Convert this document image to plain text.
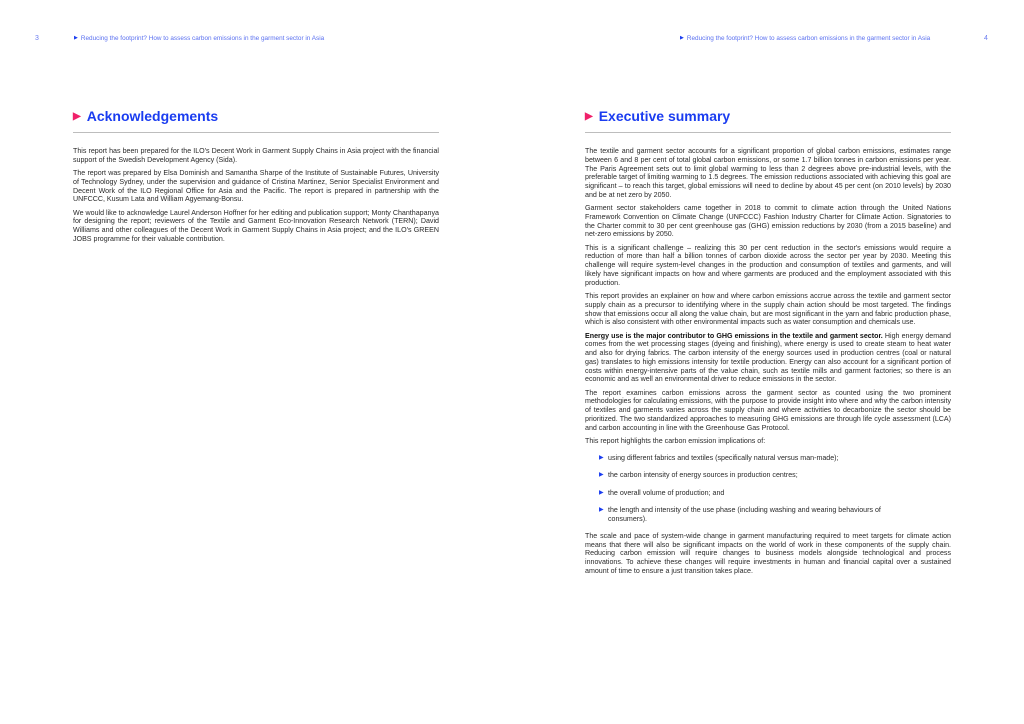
3	▶ Reducing the footprint? How to assess carbon emissions in the garment sector in Asia	4
▶ Reducing the footprint? How to assess carbon emissions in the garment sector in Asia
▶ Acknowledgements

This report has been prepared for the ILO's Decent Work in Garment Supply Chains in Asia project with the financial support of the Swedish Development Agency (Sida).

The report was prepared by Elsa Dominish and Samantha Sharpe of the Institute of Sustainable Futures, University of Technology Sydney, under the supervision and guidance of Cristina Martinez, Senior Specialist Environment and Decent Work of the ILO Regional Office for Asia and the Pacific. The report is prepared in partnership with the UNFCCC, Kusum Lata and William Agyemang-Bonsu.

We would like to acknowledge Laurel Anderson Hoffner for her editing and publication support; Monty Chanthapanya for designing the report; reviewers of the Textile and Garment Eco-Innovation Research Network (TERN); David Williams and other colleagues of the Decent Work in Garment Supply Chains in Asia project; and the ILO's GREEN JOBS programme for their valuable contribution.

▶ Executive summary

The textile and garment sector accounts for a significant proportion of global carbon emissions, estimates range between 6 and 8 per cent of total global carbon emissions, or some 1.7 billion tonnes in carbon emissions per year. The Paris Agreement sets out to limit global warming to less than 2 degrees above pre-industrial levels, with the preferable target of limiting warming to 1.5 degrees. The emission reductions associated with achieving this goal are significant – to reach this target, global emissions will need to decline by about 45 per cent (on 2010 levels) by 2030 and be at net zero by 2050.

Garment sector stakeholders came together in 2018 to commit to climate action through the United Nations Framework Convention on Climate Change (UNFCCC) Fashion Industry Charter for Climate Action. Signatories to the Charter commit to 30 per cent greenhouse gas (GHG) emission reductions by 2030 (from a 2015 baseline) and net-zero emissions by 2050.

This is a significant challenge – realizing this 30 per cent reduction in the sector's emissions would require a reduction of more than half a billion tonnes of carbon dioxide across the sector per year by 2030. Meeting this challenge will require system-level changes in the production and consumption of textiles and garments, and will likely have significant impacts on how and where garments are produced and the employment associated with this production.

This report provides an explainer on how and where carbon emissions accrue across the textile and garment sector supply chain as a precursor to identifying where in the supply chain action should be most targeted. The findings show that emissions occur all along the value chain, but are most significant in the yarn and fabric production phase, which is also consistent with other environmental impacts such as water consumption and chemicals use.

Energy use is the major contributor to GHG emissions in the textile and garment sector. High energy demand comes from the wet processing stages (dyeing and finishing), where energy is used to create steam to heat water and also for drying fabrics. The carbon intensity of the energy sources used in production centres (coal or natural gas) translates to high emissions intensity for textile production. Energy can also account for a significant portion of costs within energy-intensive parts of the value chain, such as textile mills and garment factories; so there is an economic and as well an environmental driver to reduce emissions in the sector.

The report examines carbon emissions across the garment sector as counted using the two prominent methodologies for calculating emissions, with the purpose to provide insight into where and why the carbon intensity of textiles and garments varies across the supply chain and where activities to decarbonize the sector should be prioritized. The two standardized approaches to measuring GHG emissions are through life cycle assessment (LCA) and carbon accounting in line with the Greenhouse Gas Protocol.

This report highlights the carbon emission implications of:

▶ using different fabrics and textiles (specifically natural versus man-made);
▶ the carbon intensity of energy sources in production centres;
▶ the overall volume of production; and
▶ the length and intensity of the use phase (including washing and wearing behaviours of consumers).

The scale and pace of system-wide change in garment manufacturing required to meet targets for climate action means that there will also be significant impacts on the world of work in these components of the supply chain. Reducing carbon emission will require changes to business models alongside technological and process innovations. To achieve these changes will require investments in human and financial capital over a sustained amount of time to ensure a just transition takes place.
